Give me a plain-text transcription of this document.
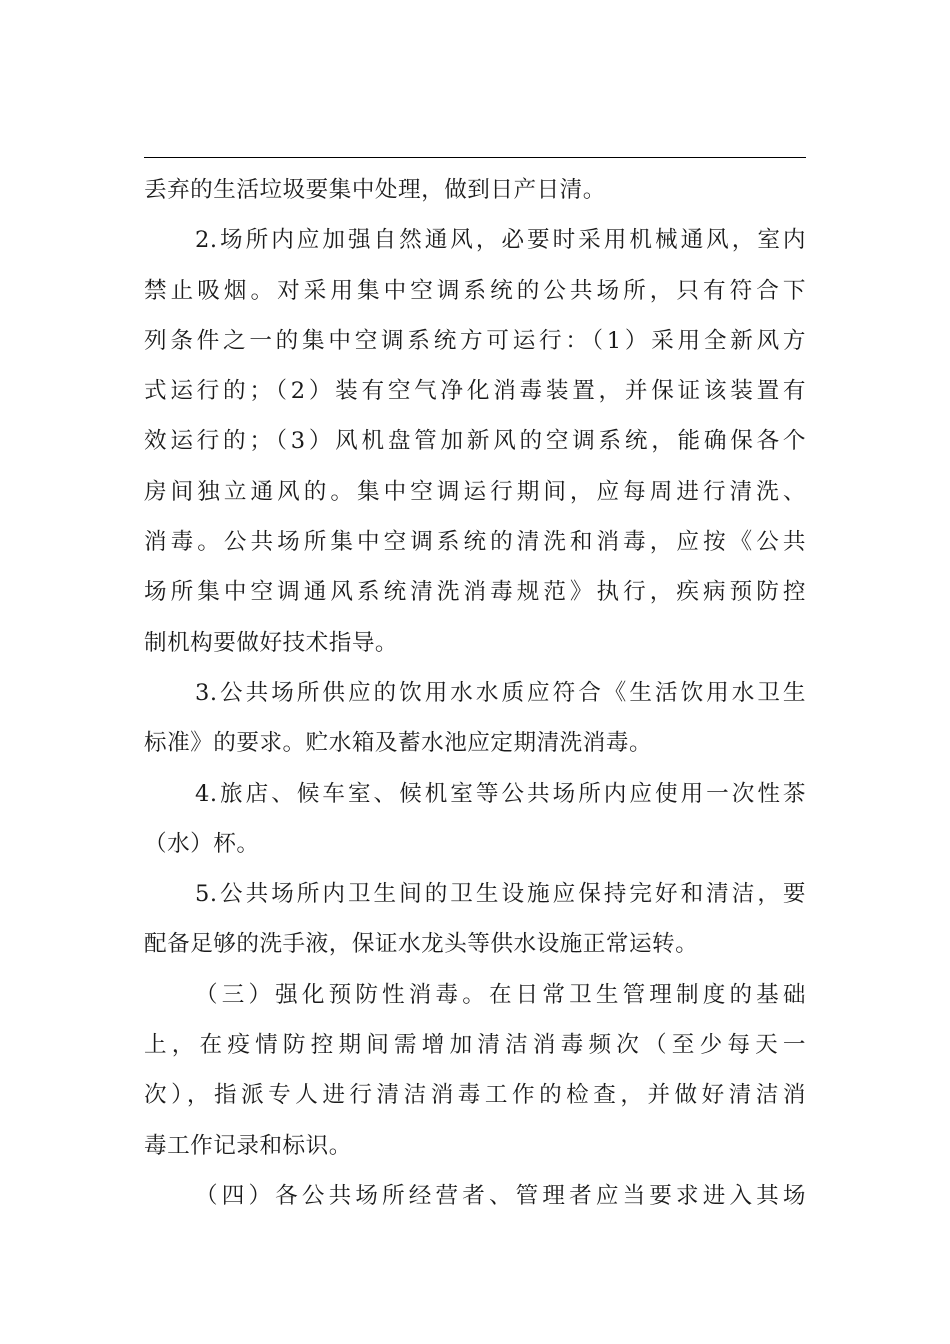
丢弃的生活垃圾要集中处理，做到日产日清。
2.场所内应加强自然通风，必要时采用机械通风，室内
禁止吸烟。对采用集中空调系统的公共场所，只有符合下
列条件之一的集中空调系统方可运行：（1）采用全新风方
式运行的；（2）装有空气净化消毒装置，并保证该装置有
效运行的；（3）风机盘管加新风的空调系统，能确保各个
房间独立通风的。集中空调运行期间，应每周进行清洗、
消毒。公共场所集中空调系统的清洗和消毒，应按《公共
场所集中空调通风系统清洗消毒规范》执行，疾病预防控
制机构要做好技术指导。
3.公共场所供应的饮用水水质应符合《生活饮用水卫生
标准》的要求。贮水箱及蓄水池应定期清洗消毒。
4.旅店、候车室、候机室等公共场所内应使用一次性茶
（水）杯。
5.公共场所内卫生间的卫生设施应保持完好和清洁，要
配备足够的洗手液，保证水龙头等供水设施正常运转。
（三）强化预防性消毒。在日常卫生管理制度的基础
上，在疫情防控期间需增加清洁消毒频次（至少每天一
次），指派专人进行清洁消毒工作的检查，并做好清洁消
毒工作记录和标识。
（四）各公共场所经营者、管理者应当要求进入其场
